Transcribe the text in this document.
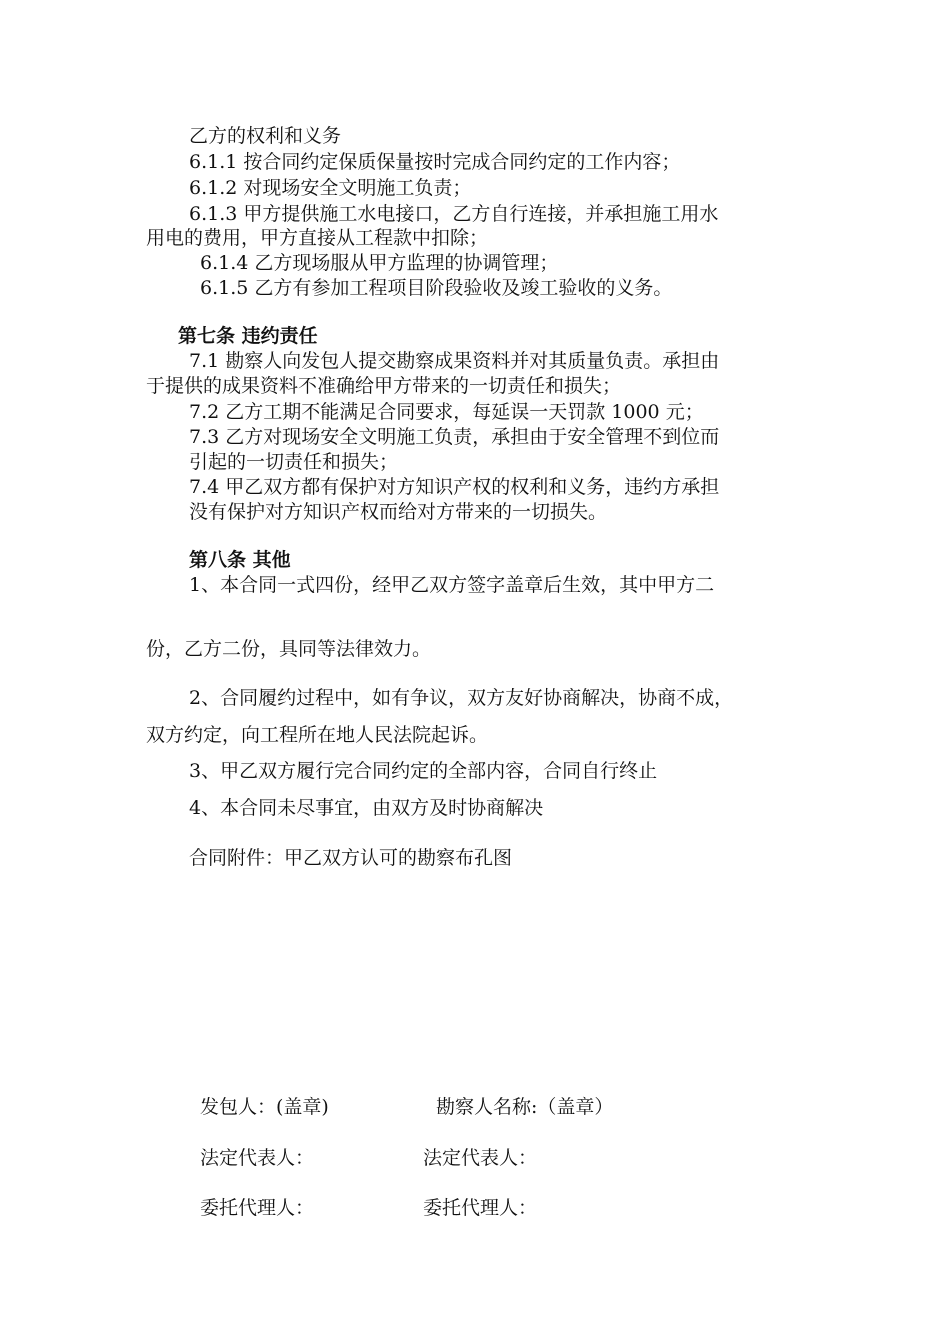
乙方的权利和义务
6.1.1 按合同约定保质保量按时完成合同约定的工作内容；
6.1.2 对现场安全文明施工负责；
6.1.3 甲方提供施工水电接口，乙方自行连接，并承担施工用水
用电的费用，甲方直接从工程款中扣除；
6.1.4 乙方现场服从甲方监理的协调管理；
6.1.5 乙方有参加工程项目阶段验收及竣工验收的义务。
第七条 违约责任
7.1 勘察人向发包人提交勘察成果资料并对其质量负责。承担由
于提供的成果资料不准确给甲方带来的一切责任和损失；
7.2 乙方工期不能满足合同要求，每延误一天罚款 1000 元；
7.3 乙方对现场安全文明施工负责，承担由于安全管理不到位而
引起的一切责任和损失；
7.4 甲乙双方都有保护对方知识产权的权利和义务，违约方承担
没有保护对方知识产权而给对方带来的一切损失。
第八条 其他
1、本合同一式四份，经甲乙双方签字盖章后生效，其中甲方二
份，乙方二份，具同等法律效力。
2、合同履约过程中，如有争议，双方友好协商解决，协商不成，
双方约定，向工程所在地人民法院起诉。
3、甲乙双方履行完合同约定的全部内容，合同自行终止
4、本合同未尽事宜，由双方及时协商解决
合同附件：甲乙双方认可的勘察布孔图
发包人：(盖章)	勘察人名称:（盖章）
法定代表人：	法定代表人：
委托代理人：	委托代理人：
